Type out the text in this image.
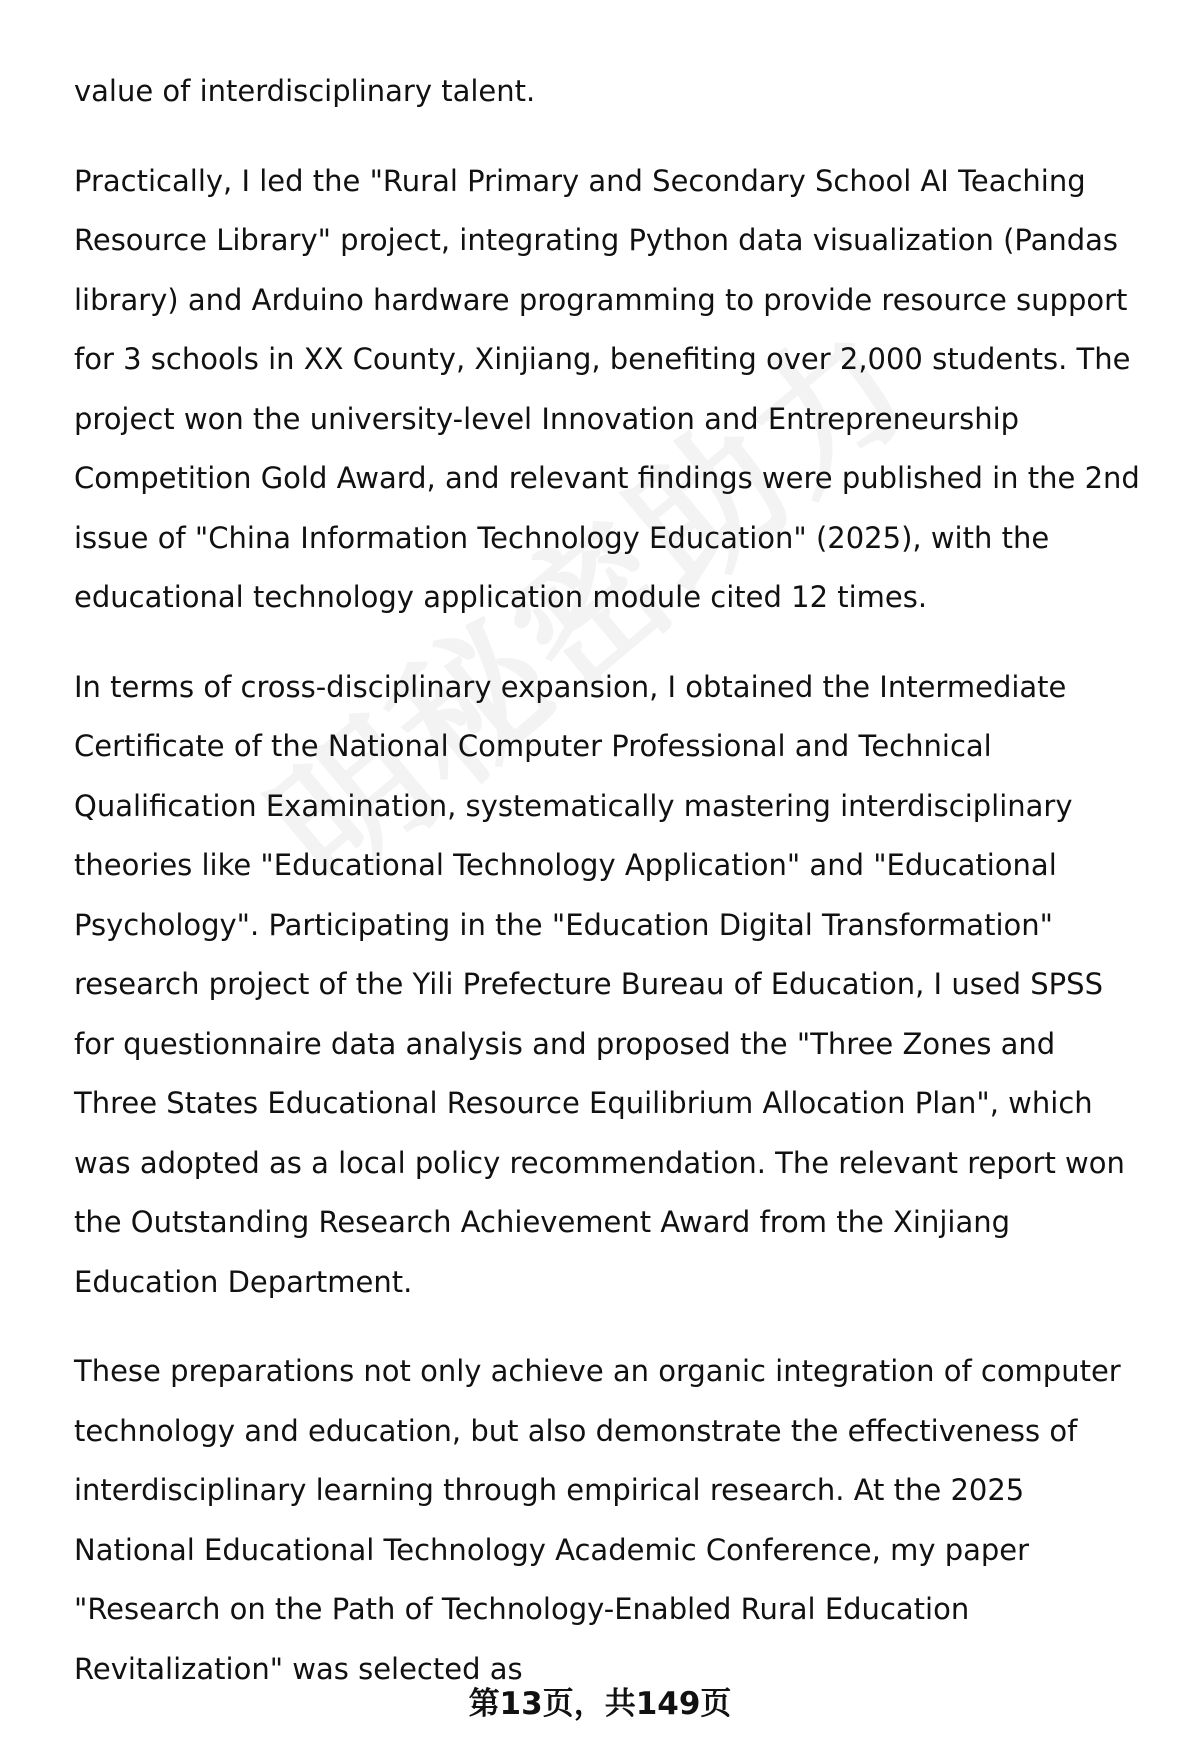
value of interdisciplinary talent.

Practically, I led the "Rural Primary and Secondary School AI Teaching Resource Library" project, integrating Python data visualization (Pandas library) and Arduino hardware programming to provide resource support for 3 schools in XX County, Xinjiang, benefiting over 2,000 students. The project won the university-level Innovation and Entrepreneurship Competition Gold Award, and relevant findings were published in the 2nd issue of "China Information Technology Education" (2025), with the educational technology application module cited 12 times.

In terms of cross-disciplinary expansion, I obtained the Intermediate Certificate of the National Computer Professional and Technical Qualification Examination, systematically mastering interdisciplinary theories like "Educational Technology Application" and "Educational Psychology". Participating in the "Education Digital Transformation" research project of the Yili Prefecture Bureau of Education, I used SPSS for questionnaire data analysis and proposed the "Three Zones and Three States Educational Resource Equilibrium Allocation Plan", which was adopted as a local policy recommendation. The relevant report won the Outstanding Research Achievement Award from the Xinjiang Education Department.

These preparations not only achieve an organic integration of computer technology and education, but also demonstrate the effectiveness of interdisciplinary learning through empirical research. At the 2025 National Educational Technology Academic Conference, my paper "Research on the Path of Technology-Enabled Rural Education Revitalization" was selected as

第13页，共149页
